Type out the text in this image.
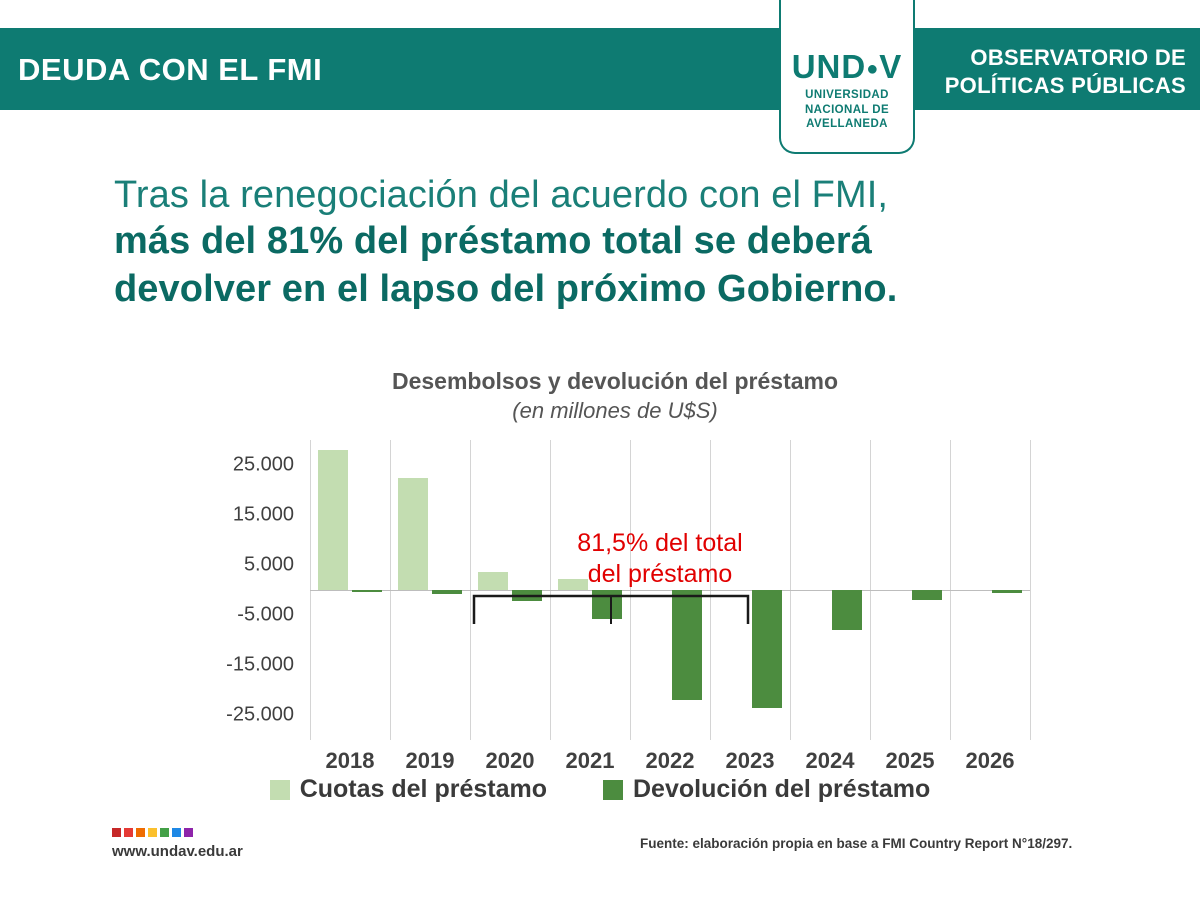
DEUDA CON EL FMI	OBSERVATORIO DE
POLÍTICAS PÚBLICAS
UND●V
UNIVERSIDAD
NACIONAL DE
AVELLANEDA
Tras la renegociación del acuerdo con el FMI,
más del 81% del préstamo total se deberá
devolver en el lapso del próximo Gobierno.
Desembolsos y devolución del préstamo
(en millones de U$S)
25.000
15.000
5.000
-5.000
-15.000
-25.000
2018 2019 2020 2021 2022 2023 2024 2025 2026
81,5% del total
del préstamo
Cuotas del préstamo	Devolución del préstamo
www.undav.edu.ar	Fuente: elaboración propia en base a FMI Country Report N°18/297.
